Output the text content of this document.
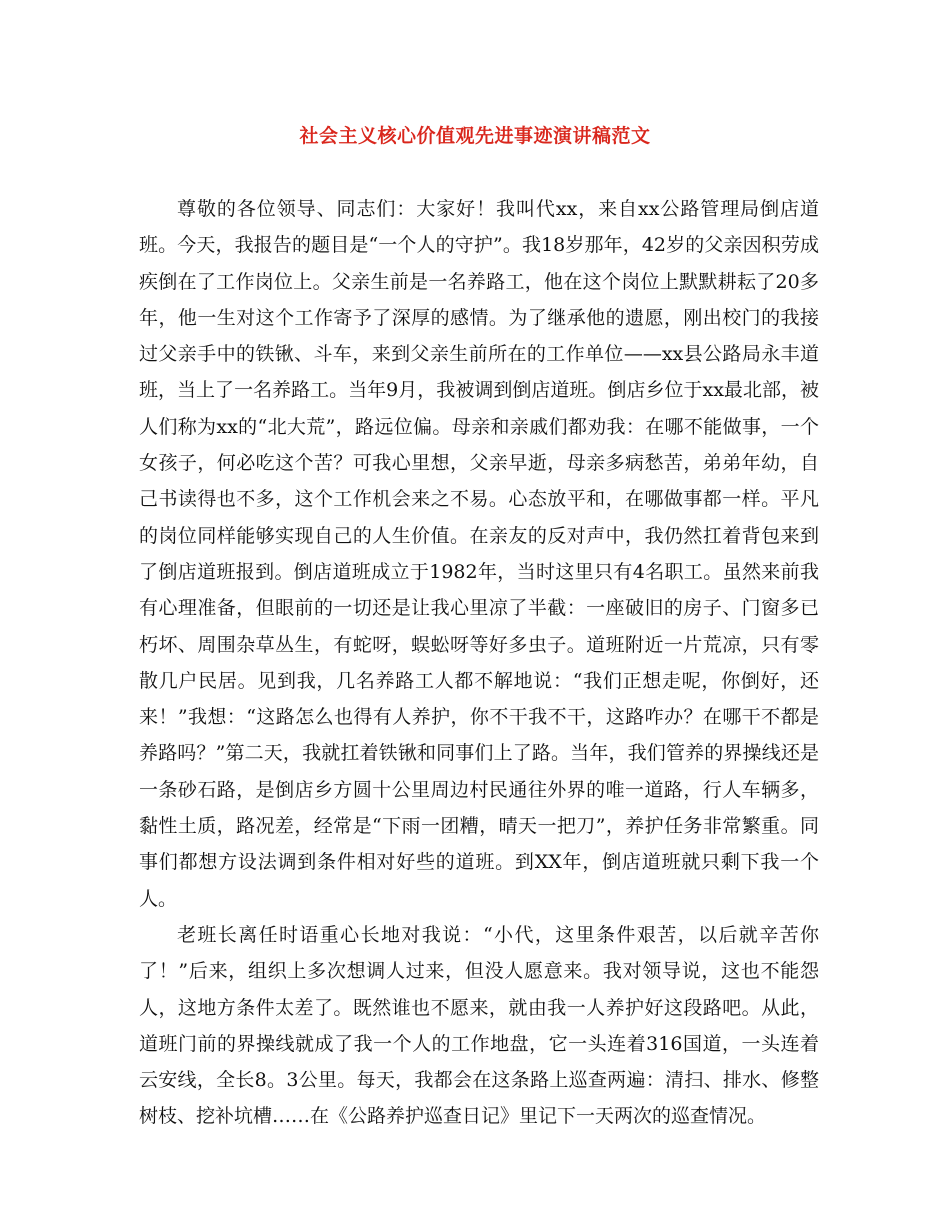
社会主义核心价值观先进事迹演讲稿范文

尊敬的各位领导、同志们：大家好！我叫代xx，来自xx公路管理局倒店道班。今天，我报告的题目是“一个人的守护”。我18岁那年，42岁的父亲因积劳成疾倒在了工作岗位上。父亲生前是一名养路工，他在这个岗位上默默耕耘了20多年，他一生对这个工作寄予了深厚的感情。为了继承他的遗愿，刚出校门的我接过父亲手中的铁锹、斗车，来到父亲生前所在的工作单位——xx县公路局永丰道班，当上了一名养路工。当年9月，我被调到倒店道班。倒店乡位于xx最北部，被人们称为xx的“北大荒”，路远位偏。母亲和亲戚们都劝我：在哪不能做事，一个女孩子，何必吃这个苦？可我心里想，父亲早逝，母亲多病愁苦，弟弟年幼，自己书读得也不多，这个工作机会来之不易。心态放平和，在哪做事都一样。平凡的岗位同样能够实现自己的人生价值。在亲友的反对声中，我仍然扛着背包来到了倒店道班报到。倒店道班成立于1982年，当时这里只有4名职工。虽然来前我有心理准备，但眼前的一切还是让我心里凉了半截：一座破旧的房子、门窗多已朽坏、周围杂草丛生，有蛇呀，蜈蚣呀等好多虫子。道班附近一片荒凉，只有零散几户民居。见到我，几名养路工人都不解地说：“我们正想走呢，你倒好，还来！”我想：“这路怎么也得有人养护，你不干我不干，这路咋办？在哪干不都是养路吗？”第二天，我就扛着铁锹和同事们上了路。当年，我们管养的界操线还是一条砂石路，是倒店乡方圆十公里周边村民通往外界的唯一道路，行人车辆多，黏性土质，路况差，经常是“下雨一团糟，晴天一把刀”，养护任务非常繁重。同事们都想方设法调到条件相对好些的道班。到XX年，倒店道班就只剩下我一个人。

老班长离任时语重心长地对我说：“小代，这里条件艰苦，以后就辛苦你了！”后来，组织上多次想调人过来，但没人愿意来。我对领导说，这也不能怨人，这地方条件太差了。既然谁也不愿来，就由我一人养护好这段路吧。从此，道班门前的界操线就成了我一个人的工作地盘，它一头连着316国道，一头连着云安线，全长8。3公里。每天，我都会在这条路上巡查两遍：清扫、排水、修整树枝、挖补坑槽……在《公路养护巡查日记》里记下一天两次的巡查情况。
